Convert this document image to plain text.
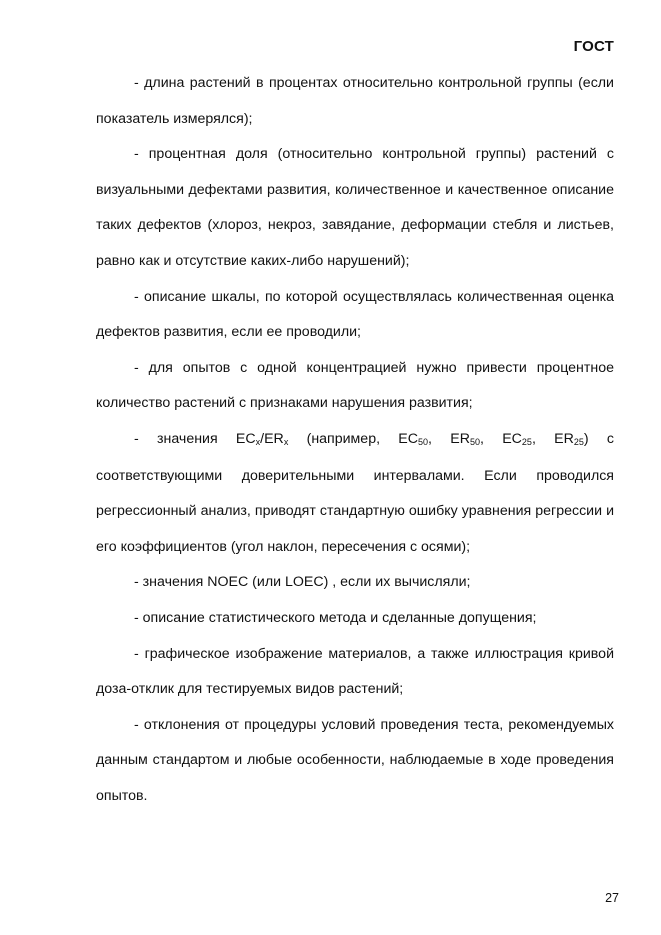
ГОСТ

- длина растений в процентах относительно контрольной группы (если показатель измерялся);

- процентная доля (относительно контрольной группы) растений с визуальными дефектами развития, количественное и качественное описание таких дефектов (хлороз, некроз, завядание, деформации стебля и листьев, равно как и отсутствие каких-либо нарушений);

- описание шкалы, по которой осуществлялась количественная оценка дефектов развития, если ее проводили;

- для опытов с одной концентрацией нужно привести процентное количество растений с признаками нарушения развития;

- значения $EC_x/ER_x$ (например, $EC_{50}$, $ER_{50}$, $EC_{25}$, $ER_{25}$) с соответствующими доверительными интервалами. Если проводился регрессионный анализ, приводят стандартную ошибку уравнения регрессии и его коэффициентов (угол наклон, пересечения с осями);

- значения NOEC (или LOEC) , если их вычисляли;

- описание статистического метода и сделанные допущения;

- графическое изображение материалов, а также иллюстрация кривой доза-отклик для тестируемых видов растений;

- отклонения от процедуры условий проведения теста, рекомендуемых данным стандартом и любые особенности, наблюдаемые в ходе проведения опытов.

27
